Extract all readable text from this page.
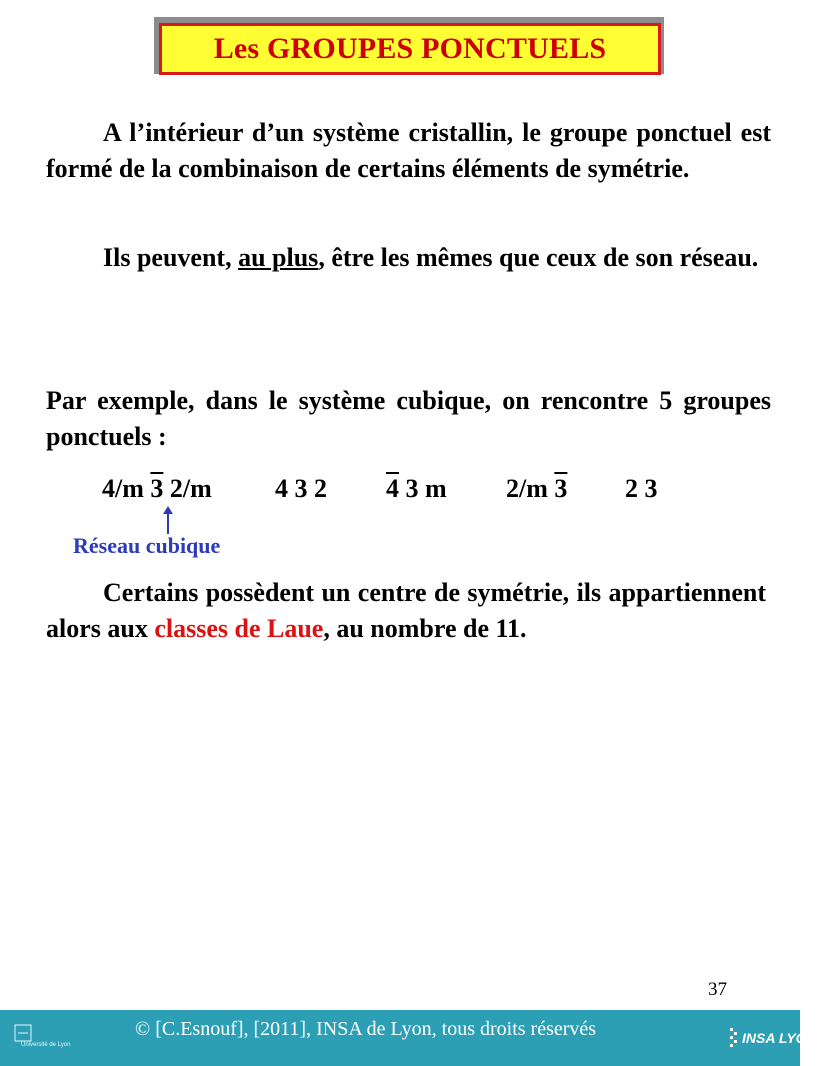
Les GROUPES PONCTUELS
A l’intérieur d’un système cristallin, le groupe ponctuel est formé de la combinaison de certains éléments de symétrie.
Ils peuvent, au plus, être les mêmes que ceux de son réseau.
Par exemple, dans le système cubique, on rencontre 5 groupes ponctuels :
4/m 3 2/m 4 3 2 4 3 m 2/m 3 2 3
Réseau cubique
Certains possèdent un centre de symétrie, ils appartiennent alors aux classes de Laue, au nombre de 11.
37
Université de Lyon
© [C.Esnouf], [2011], INSA de Lyon, tous droits réservés	INSA LYON
